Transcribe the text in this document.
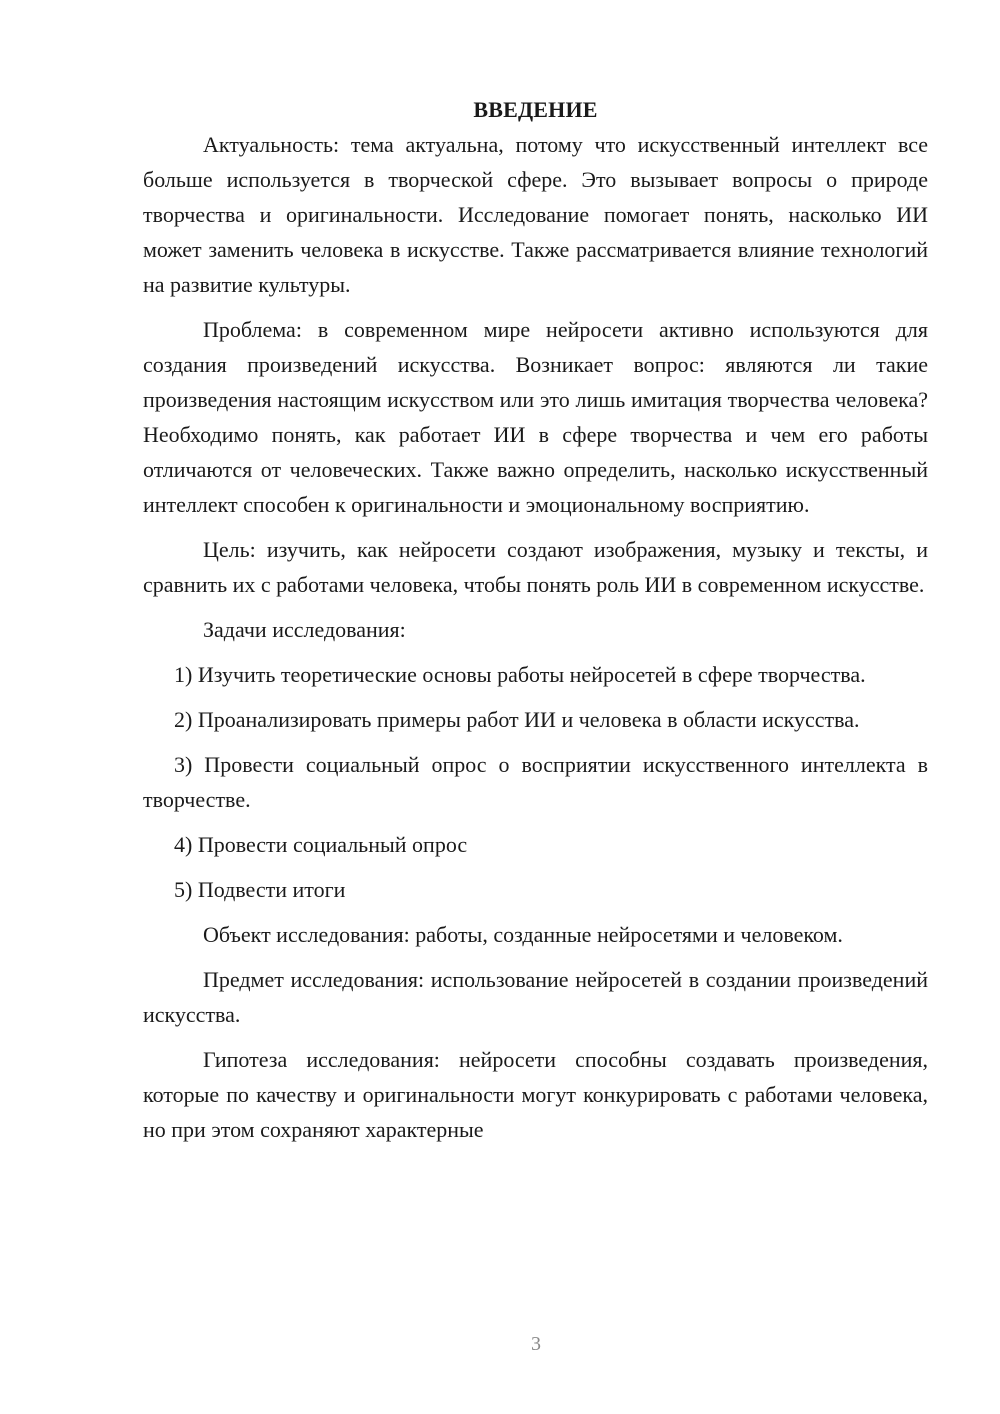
ВВЕДЕНИЕ

Актуальность: тема актуальна, потому что искусственный интеллект все больше используется в творческой сфере. Это вызывает вопросы о природе творчества и оригинальности. Исследование помогает понять, насколько ИИ может заменить человека в искусстве. Также рассматривается влияние технологий на развитие культуры.

Проблема: в современном мире нейросети активно используются для создания произведений искусства. Возникает вопрос: являются ли такие произведения настоящим искусством или это лишь имитация творчества человека? Необходимо понять, как работает ИИ в сфере творчества и чем его работы отличаются от человеческих. Также важно определить, насколько искусственный интеллект способен к оригинальности и эмоциональному восприятию.

Цель: изучить, как нейросети создают изображения, музыку и тексты, и сравнить их с работами человека, чтобы понять роль ИИ в современном искусстве.

Задачи исследования:

1) Изучить теоретические основы работы нейросетей в сфере творчества.

2) Проанализировать примеры работ ИИ и человека в области искусства.

3) Провести социальный опрос о восприятии искусственного интеллекта в творчестве.

4) Провести социальный опрос

5) Подвести итоги

Объект исследования: работы, созданные нейросетями и человеком.

Предмет исследования: использование нейросетей в создании произведений искусства.

Гипотеза исследования: нейросети способны создавать произведения, которые по качеству и оригинальности могут конкурировать с работами человека, но при этом сохраняют характерные

3
